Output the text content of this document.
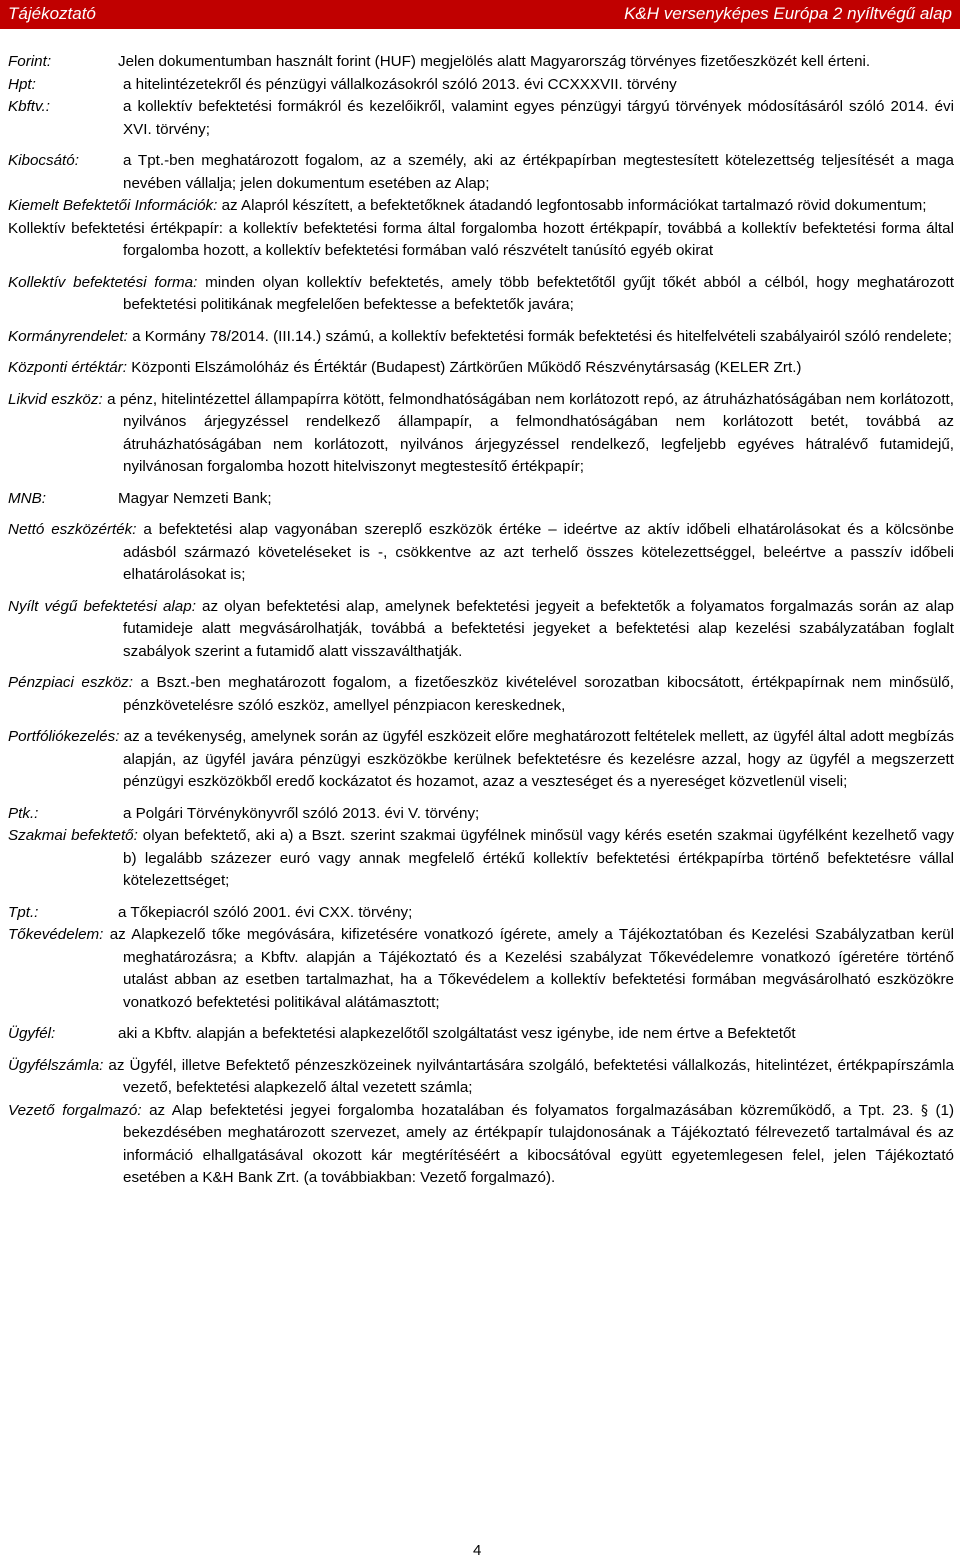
Tájékoztató	K&H versenyképes Európa 2 nyíltvégű alap
Forint:	Jelen dokumentumban használt forint (HUF) megjelölés alatt Magyarország törvényes fizetőeszközét kell érteni.
Hpt:	a hitelintézetekről és pénzügyi vállalkozásokról szóló 2013. évi CCXXXVII. törvény
Kbftv.:	a kollektív befektetési formákról és kezelőikről, valamint egyes pénzügyi tárgyú törvények módosításáról szóló 2014. évi XVI. törvény;
Kibocsátó:	a Tpt.-ben meghatározott fogalom, az a személy, aki az értékpapírban megtestesített kötelezettség teljesítését a maga nevében vállalja; jelen dokumentum esetében az Alap;

Kiemelt Befektetői Információk: az Alapról készített, a befektetőknek átadandó legfontosabb információkat tartalmazó rövid dokumentum;

Kollektív befektetési értékpapír: a kollektív befektetési forma által forgalomba hozott értékpapír, továbbá a kollektív befektetési forma által forgalomba hozott, a kollektív befektetési formában való részvételt tanúsító egyéb okirat

Kollektív befektetési forma: minden olyan kollektív befektetés, amely több befektetőtől gyűjt tőkét abból a célból, hogy meghatározott befektetési politikának megfelelően befektesse a befektetők javára;

Kormányrendelet: a Kormány 78/2014. (III.14.) számú, a kollektív befektetési formák befektetési és hitelfelvételi szabályairól szóló rendelete;

Központi értéktár: Központi Elszámolóház és Értéktár (Budapest) Zártkörűen Működő Részvénytársaság (KELER Zrt.)

Likvid eszköz: a pénz, hitelintézettel állampapírra kötött, felmondhatóságában nem korlátozott repó, az átruházhatóságában nem korlátozott, nyilvános árjegyzéssel rendelkező állampapír, a felmondhatóságában nem korlátozott betét, továbbá az átruházhatóságában nem korlátozott, nyilvános árjegyzéssel rendelkező, legfeljebb egyéves hátralévő futamidejű, nyilvánosan forgalomba hozott hitelviszonyt megtestesítő értékpapír;

MNB:	Magyar Nemzeti Bank;

Nettó eszközérték: a befektetési alap vagyonában szereplő eszközök értéke – ideértve az aktív időbeli elhatárolásokat és a kölcsönbe adásból származó követeléseket is -, csökkentve az azt terhelő összes kötelezettséggel, beleértve a passzív időbeli elhatárolásokat is;

Nyílt végű befektetési alap: az olyan befektetési alap, amelynek befektetési jegyeit a befektetők a folyamatos forgalmazás során az alap futamideje alatt megvásárolhatják, továbbá a befektetési jegyeket a befektetési alap kezelési szabályzatában foglalt szabályok szerint a futamidő alatt visszaválthatják.

Pénzpiaci eszköz: a Bszt.-ben meghatározott fogalom, a fizetőeszköz kivételével sorozatban kibocsátott, értékpapírnak nem minősülő, pénzkövetelésre szóló eszköz, amellyel pénzpiacon kereskednek,

Portfóliókezelés: az a tevékenység, amelynek során az ügyfél eszközeit előre meghatározott feltételek mellett, az ügyfél által adott megbízás alapján, az ügyfél javára pénzügyi eszközökbe kerülnek befektetésre és kezelésre azzal, hogy az ügyfél a megszerzett pénzügyi eszközökből eredő kockázatot és hozamot, azaz a veszteséget és a nyereséget közvetlenül viseli;

Ptk.:	a Polgári Törvénykönyvről szóló 2013. évi V. törvény;

Szakmai befektető: olyan befektető, aki a) a Bszt. szerint szakmai ügyfélnek minősül vagy kérés esetén szakmai ügyfélként kezelhető vagy b) legalább százezer euró vagy annak megfelelő értékű kollektív befektetési értékpapírba történő befektetésre vállal kötelezettséget;

Tpt.:	a Tőkepiacról szóló 2001. évi CXX. törvény;

Tőkevédelem: az Alapkezelő tőke megóvására, kifizetésére vonatkozó ígérete, amely a Tájékoztatóban és Kezelési Szabályzatban kerül meghatározásra; a Kbftv. alapján a Tájékoztató és a Kezelési szabályzat Tőkevédelemre vonatkozó ígéretére történő utalást abban az esetben tartalmazhat, ha a Tőkevédelem a kollektív befektetési formában megvásárolható eszközökre vonatkozó befektetési politikával alátámasztott;

Ügyfél:	aki a Kbftv. alapján a befektetési alapkezelőtől szolgáltatást vesz igénybe, ide nem értve a Befektetőt

Ügyfélszámla: az Ügyfél, illetve Befektető pénzeszközeinek nyilvántartására szolgáló, befektetési vállalkozás, hitelintézet, értékpapírszámla vezető, befektetési alapkezelő által vezetett számla;

Vezető forgalmazó: az Alap befektetési jegyei forgalomba hozatalában és folyamatos forgalmazásában közreműködő, a Tpt. 23. § (1) bekezdésében meghatározott szervezet, amely az értékpapír tulajdonosának a Tájékoztató félrevezető tartalmával és az információ elhallgatásával okozott kár megtérítéséért a kibocsátóval együtt egyetemlegesen felel, jelen Tájékoztató esetében a K&H Bank Zrt. (a továbbiakban: Vezető forgalmazó).

4
